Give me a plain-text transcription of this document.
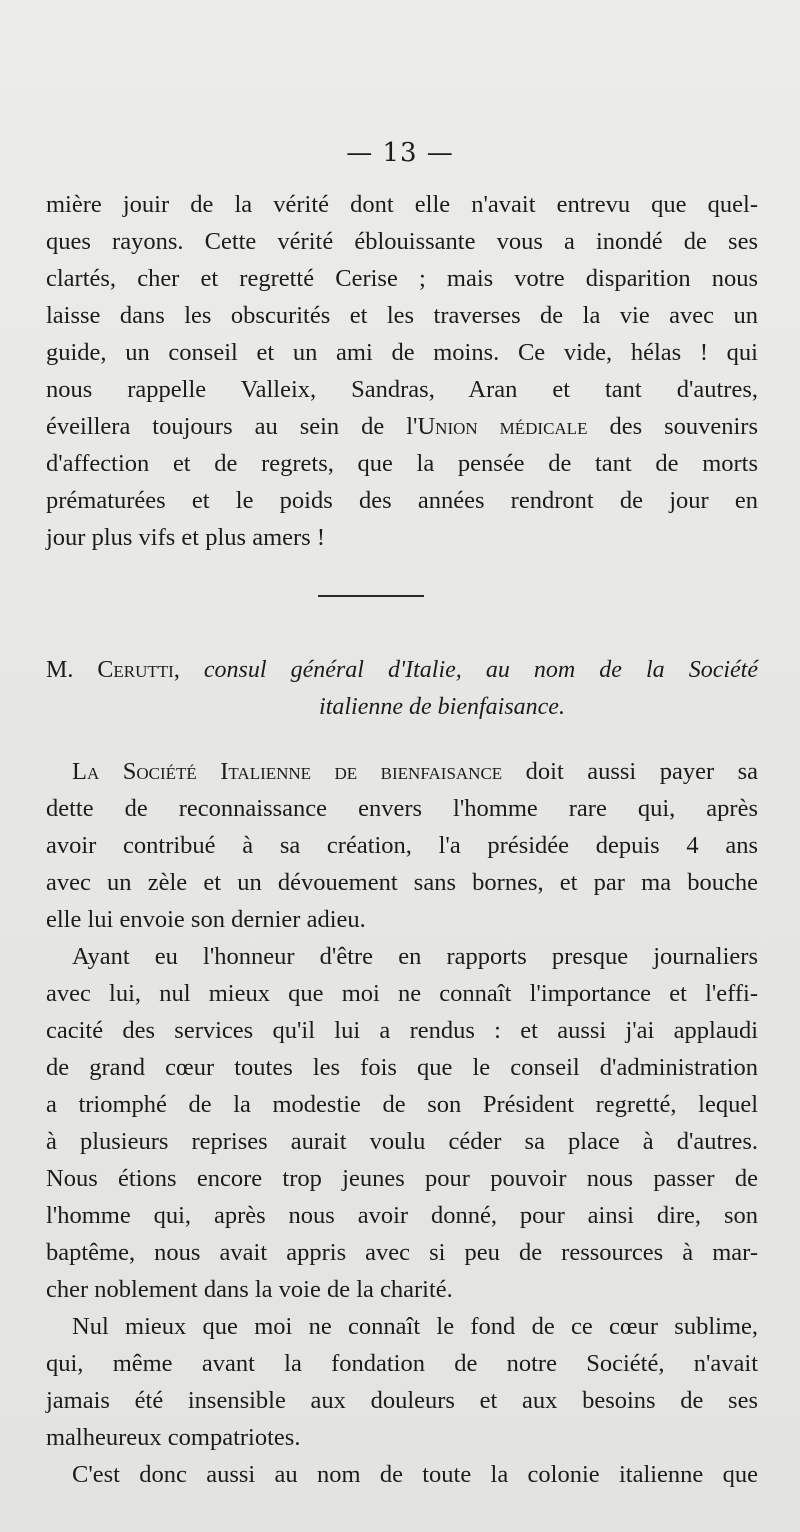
— 13 —
mière jouir de la vérité dont elle n'avait entrevu que quel-
ques rayons. Cette vérité éblouissante vous a inondé de ses
clartés, cher et regretté Cerise ; mais votre disparition nous
laisse dans les obscurités et les traverses de la vie avec un
guide, un conseil et un ami de moins. Ce vide, hélas ! qui
nous rappelle Valleix, Sandras, Aran et tant d'autres,
éveillera toujours au sein de l'Union médicale des souvenirs
d'affection et de regrets, que la pensée de tant de morts
prématurées et le poids des années rendront de jour en
jour plus vifs et plus amers !
M. Cerutti, consul général d'Italie, au nom de la Société
italienne de bienfaisance.
La Société Italienne de bienfaisance doit aussi payer sa
dette de reconnaissance envers l'homme rare qui, après
avoir contribué à sa création, l'a présidée depuis 4 ans
avec un zèle et un dévouement sans bornes, et par ma bouche
elle lui envoie son dernier adieu.
Ayant eu l'honneur d'être en rapports presque journaliers
avec lui, nul mieux que moi ne connaît l'importance et l'effi-
cacité des services qu'il lui a rendus : et aussi j'ai applaudi
de grand cœur toutes les fois que le conseil d'administration
a triomphé de la modestie de son Président regretté, lequel
à plusieurs reprises aurait voulu céder sa place à d'autres.
Nous étions encore trop jeunes pour pouvoir nous passer de
l'homme qui, après nous avoir donné, pour ainsi dire, son
baptême, nous avait appris avec si peu de ressources à mar-
cher noblement dans la voie de la charité.
Nul mieux que moi ne connaît le fond de ce cœur sublime,
qui, même avant la fondation de notre Société, n'avait
jamais été insensible aux douleurs et aux besoins de ses
malheureux compatriotes.
C'est donc aussi au nom de toute la colonie italienne que
